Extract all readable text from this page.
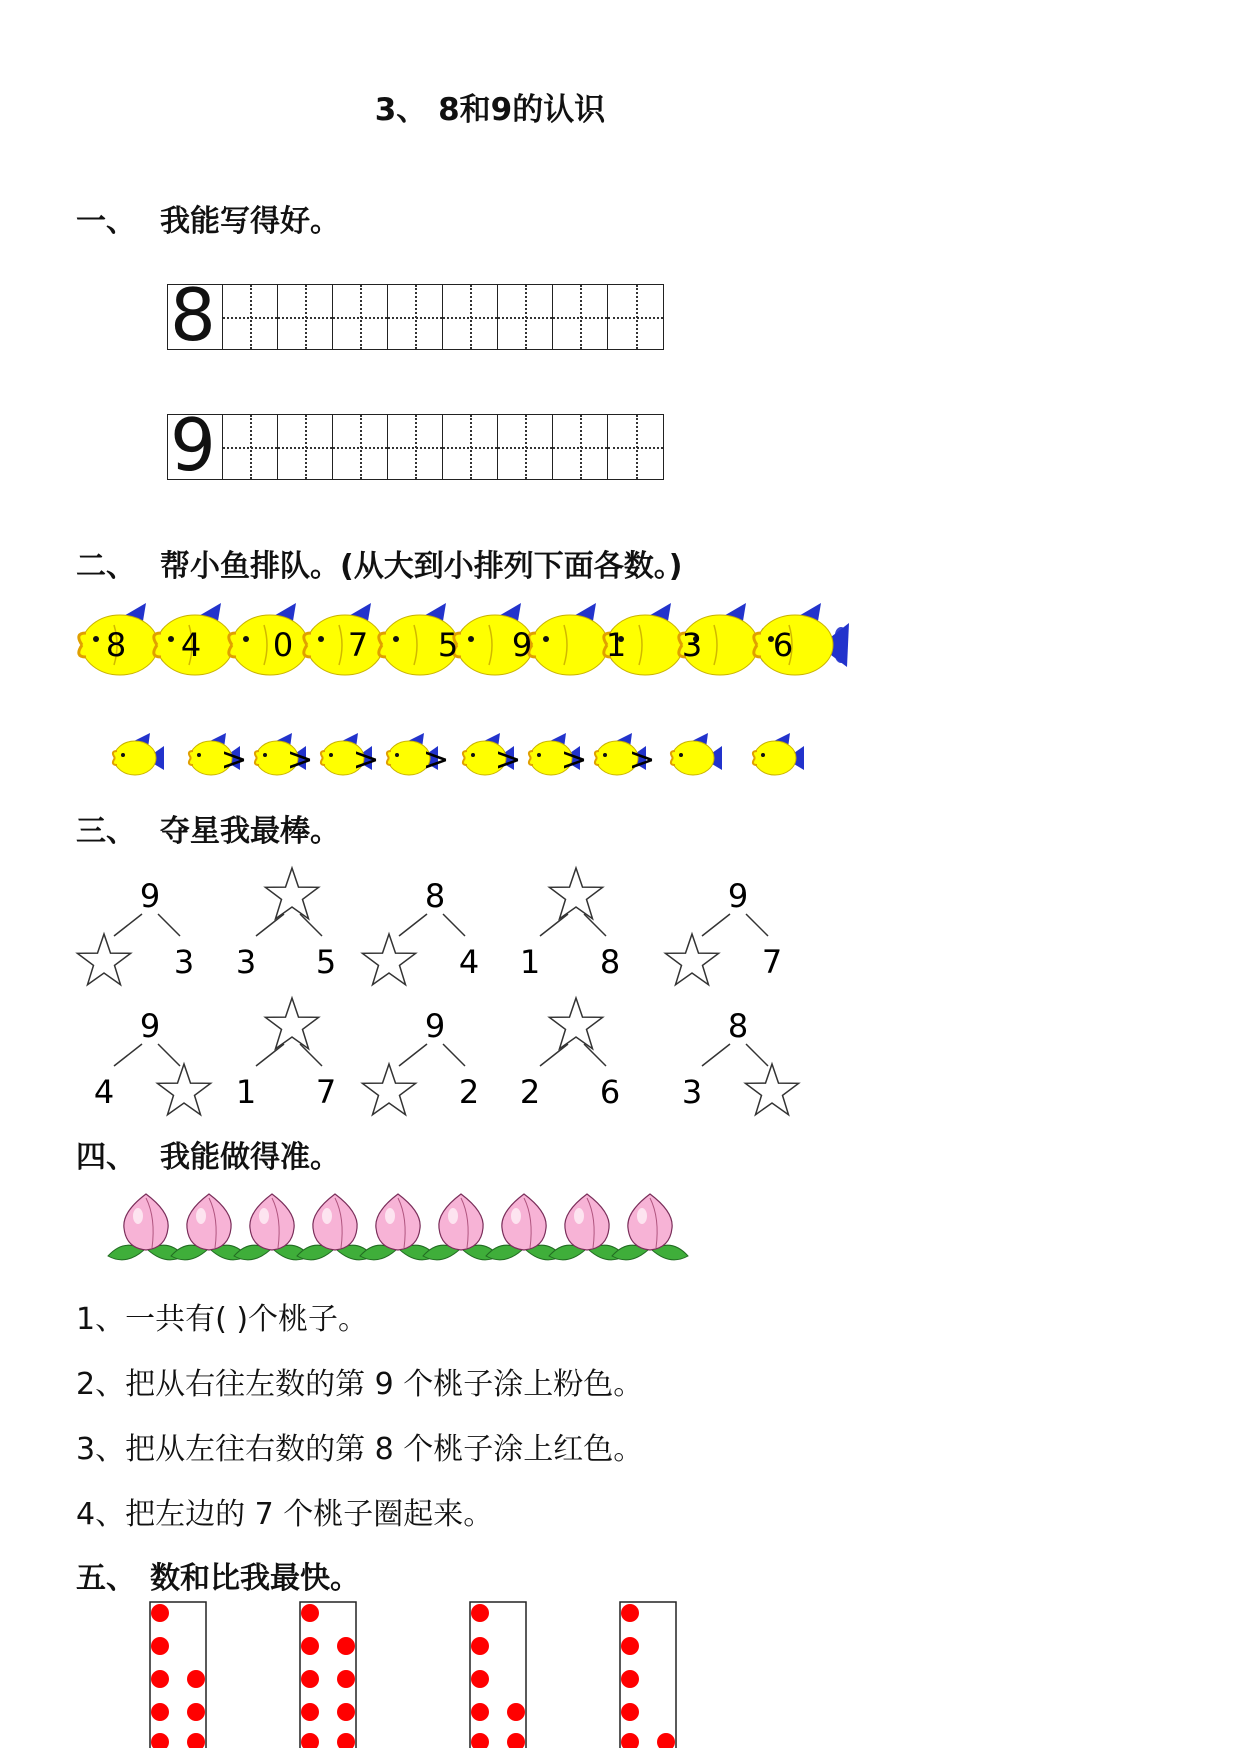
3、 8和9的认识
一、 我能写得好。
8
9
二、 帮小鱼排队。(从大到小排列下面各数。)
8 4 0 7 5 9 1 3 6
> > > > > > >
三、 夺星我最棒。
9
3 3 5
8
4 1 8
9
7
9
4	1 7
9
2 2 6
8
3
四、 我能做得准。
1、一共有( )个桃子。
2、把从右往左数的第 9 个桃子涂上粉色。
3、把从左往右数的第 8 个桃子涂上红色。
4、把左边的 7 个桃子圈起来。
五、 数和比我最快。
